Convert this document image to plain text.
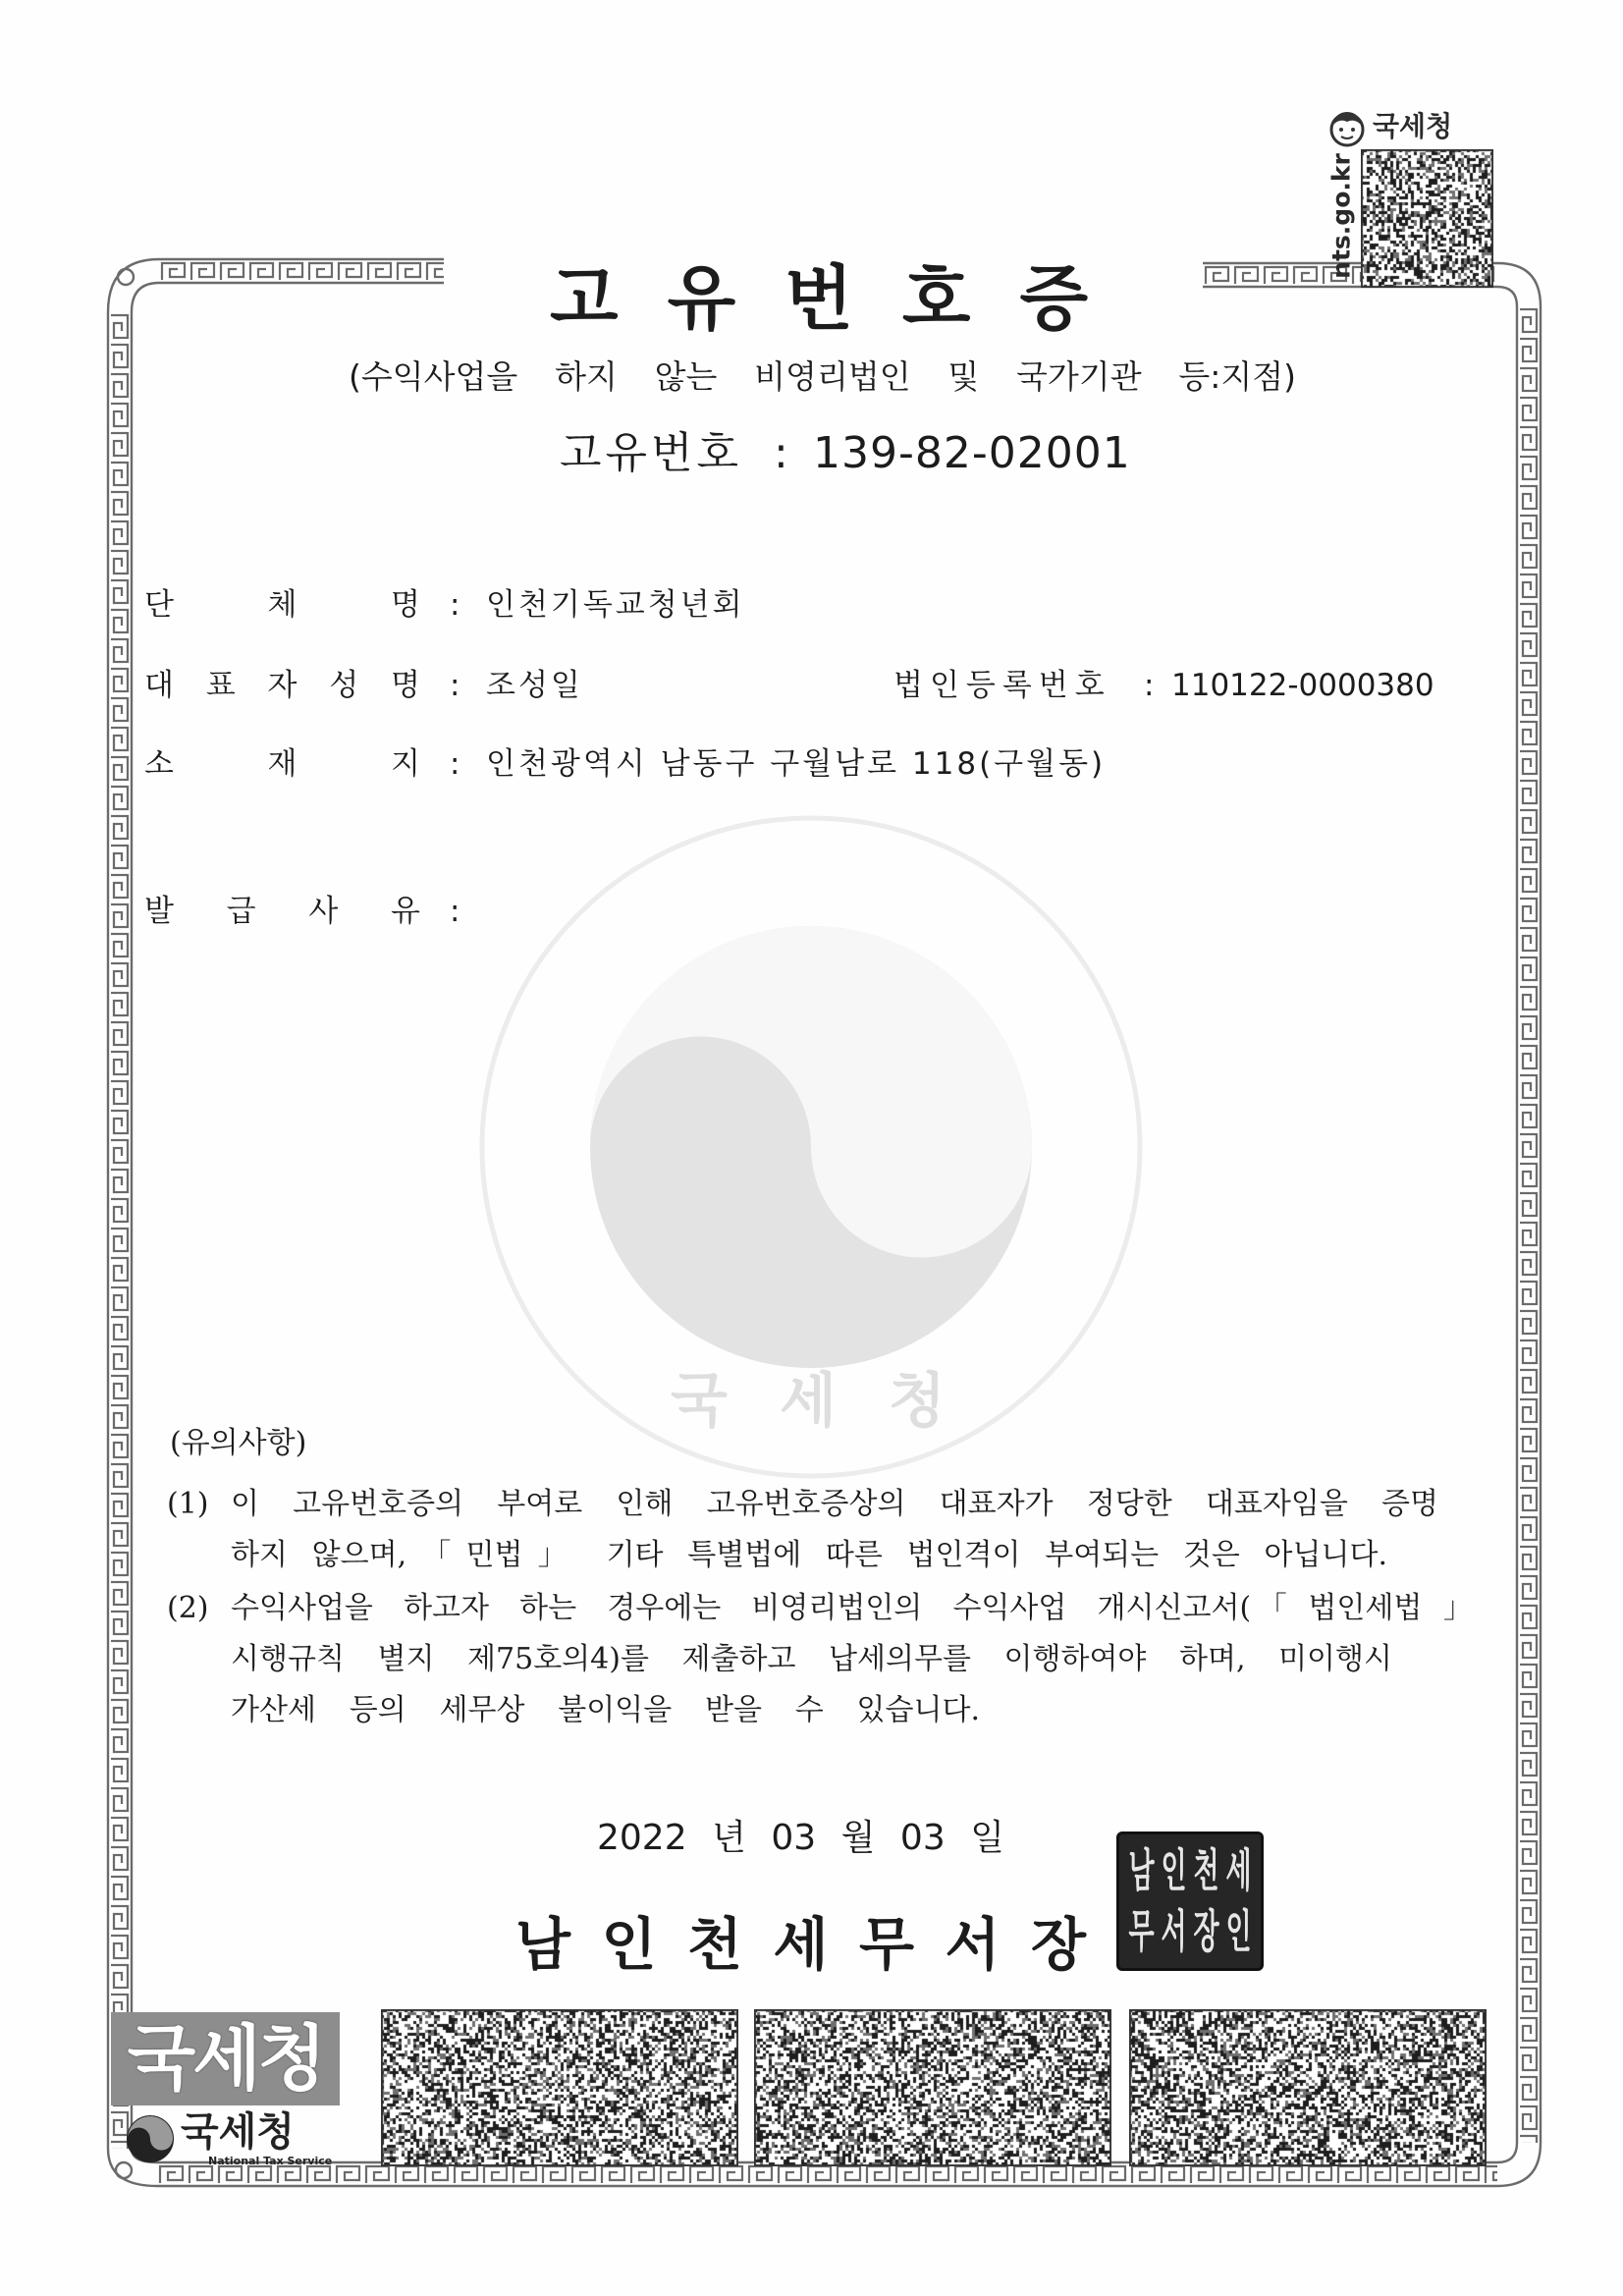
국 세 청
국세청
nts.go.kr
고 유 번 호 증
(수익사업을 하지 않는 비영리법인 및 국가기관 등:지점)
고유번호 : 139-82-02001
단 체 명 : 인천기독교청년회
대 표 자 성 명 : 조성일	법인등록번호 : 110122-0000380
소 재 지 : 인천광역시 남동구 구월남로 118(구월동)
발 급 사 유 :
(유의사항)
(1) 이 고유번호증의 부여로 인해 고유번호증상의 대표자가 정당한 대표자임을 증명
하지 않으며,「민법」 기타 특별법에 따른 법인격이 부여되는 것은 아닙니다.
(2) 수익사업을 하고자 하는 경우에는 비영리법인의 수익사업 개시신고서(「법인세법」
시행규칙 별지 제75호의4)를 제출하고 납세의무를 이행하여야 하며, 미이행시
가산세 등의 세무상 불이익을 받을 수 있습니다.
2022 년 03 월 03 일
남 인 천 세 무 서 장
남 인 천 세
무 서 장 인
국세청
국세청
National Tax Service
